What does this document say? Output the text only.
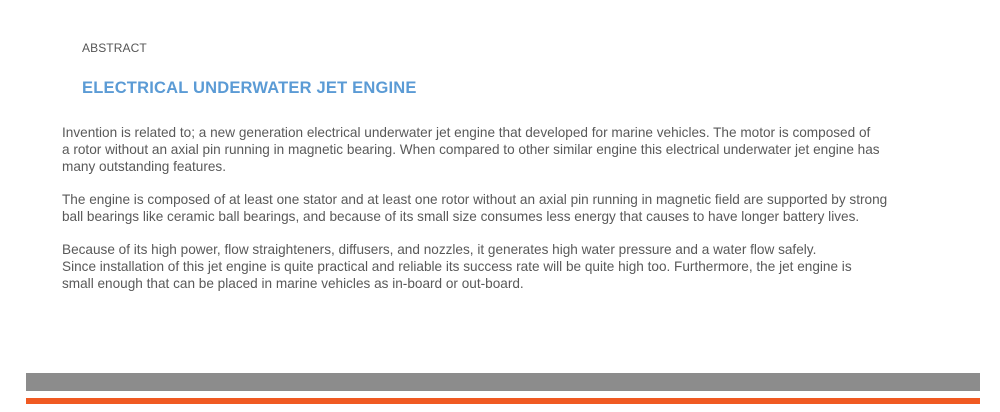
ABSTRACT
ELECTRICAL UNDERWATER JET ENGINE

Invention is related to; a new generation electrical underwater jet engine that developed for marine vehicles. The motor is composed of
a rotor without an axial pin running in magnetic bearing. When compared to other similar engine this electrical underwater jet engine has
many outstanding features.

The engine is composed of at least one stator and at least one rotor without an axial pin running in magnetic field are supported by strong
ball bearings like ceramic ball bearings, and because of its small size consumes less energy that causes to have longer battery lives.

Because of its high power, flow straighteners, diffusers, and nozzles, it generates high water pressure and a water flow safely.
Since installation of this jet engine is quite practical and reliable its success rate will be quite high too. Furthermore, the jet engine is
small enough that can be placed in marine vehicles as in-board or out-board.
